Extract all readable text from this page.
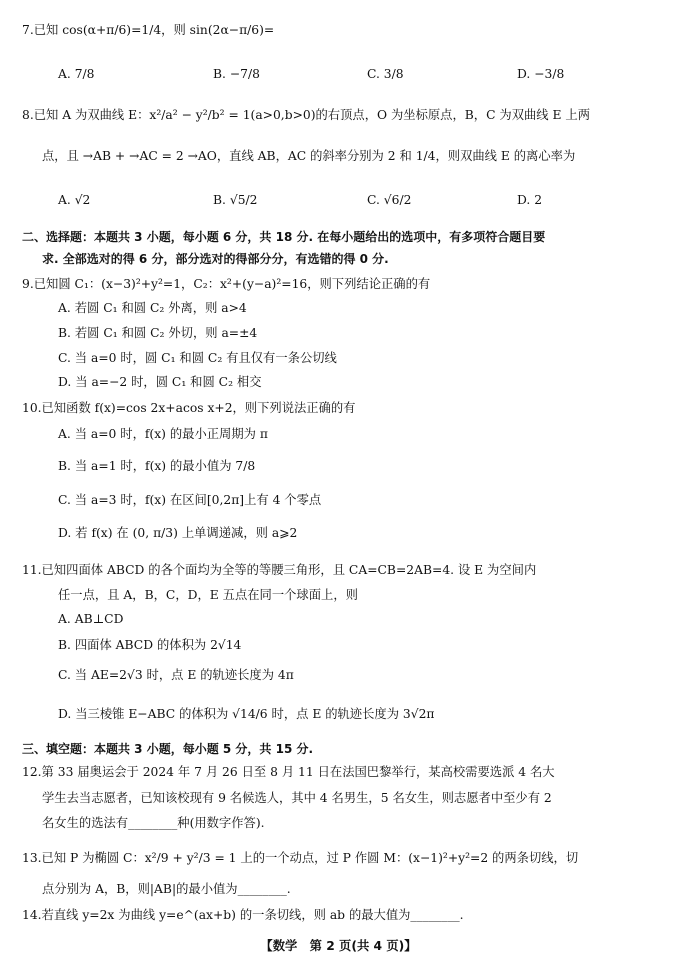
7.已知 cos(α+π/6)=1/4，则 sin(2α−π/6)=
A. 7/8	B. −7/8	C. 3/8	D. −3/8
8.已知 A 为双曲线 E：x²/a² − y²/b² = 1(a>0,b>0)的右顶点，O 为坐标原点，B，C 为双曲线 E 上两
点，且 →AB + →AC = 2 →AO，直线 AB，AC 的斜率分别为 2 和 1/4，则双曲线 E 的离心率为
A. √2	B. √5/2	C. √6/2	D. 2
二、选择题：本题共 3 小题，每小题 6 分，共 18 分. 在每小题给出的选项中，有多项符合题目要
求. 全部选对的得 6 分，部分选对的得部分分，有选错的得 0 分.
9.已知圆 C₁：(x−3)²+y²=1，C₂：x²+(y−a)²=16，则下列结论正确的有
A. 若圆 C₁ 和圆 C₂ 外离，则 a>4
B. 若圆 C₁ 和圆 C₂ 外切，则 a=±4
C. 当 a=0 时，圆 C₁ 和圆 C₂ 有且仅有一条公切线
D. 当 a=−2 时，圆 C₁ 和圆 C₂ 相交
10.已知函数 f(x)=cos 2x+acos x+2，则下列说法正确的有
A. 当 a=0 时，f(x) 的最小正周期为 π
B. 当 a=1 时，f(x) 的最小值为 7/8
C. 当 a=3 时，f(x) 在区间[0,2π]上有 4 个零点
D. 若 f(x) 在 (0, π/3) 上单调递减，则 a⩾2
11.已知四面体 ABCD 的各个面均为全等的等腰三角形，且 CA=CB=2AB=4. 设 E 为空间内
任一点，且 A，B，C，D，E 五点在同一个球面上，则
A. AB⊥CD
B. 四面体 ABCD 的体积为 2√14
C. 当 AE=2√3 时，点 E 的轨迹长度为 4π
D. 当三棱锥 E−ABC 的体积为 √14/6 时，点 E 的轨迹长度为 3√2π
三、填空题：本题共 3 小题，每小题 5 分，共 15 分.
12.第 33 届奥运会于 2024 年 7 月 26 日至 8 月 11 日在法国巴黎举行，某高校需要选派 4 名大
学生去当志愿者，已知该校现有 9 名候选人，其中 4 名男生，5 名女生，则志愿者中至少有 2
名女生的选法有________种(用数字作答).
13.已知 P 为椭圆 C：x²/9 + y²/3 = 1 上的一个动点，过 P 作圆 M：(x−1)²+y²=2 的两条切线，切
点分别为 A，B，则|AB|的最小值为________.
14.若直线 y=2x 为曲线 y=e^(ax+b) 的一条切线，则 ab 的最大值为________.
【数学　第 2 页(共 4 页)】
